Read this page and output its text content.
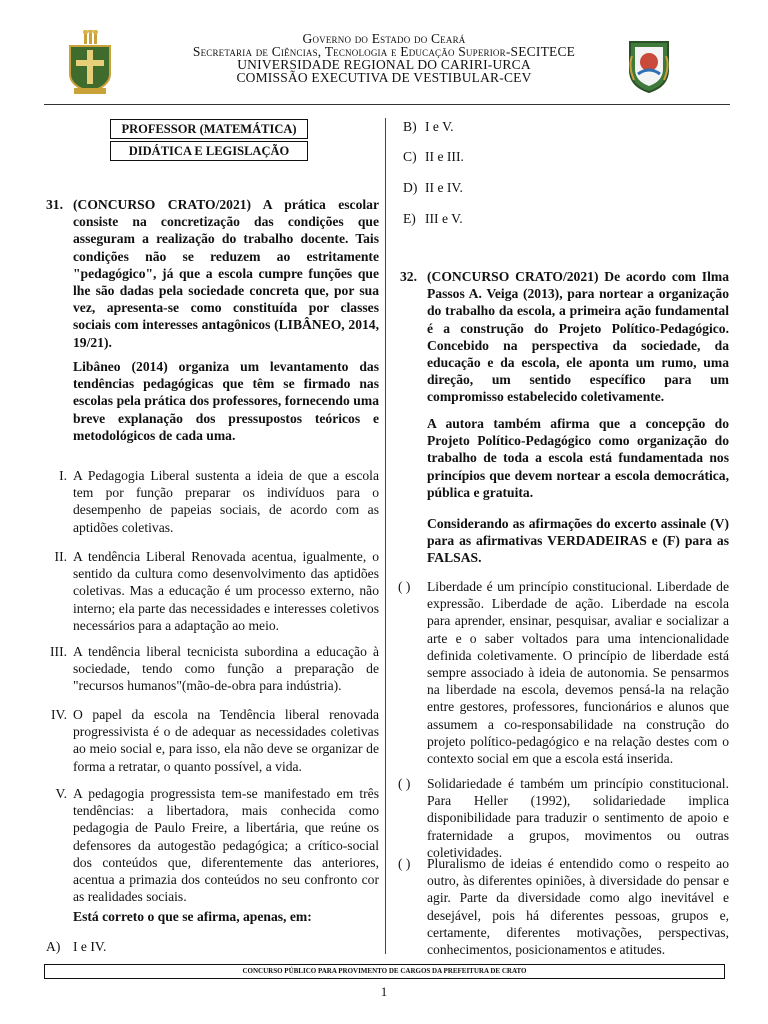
Governo do Estado do Ceará
Secretaria de Ciências, Tecnologia e Educação Superior-SECITECE
UNIVERSIDADE REGIONAL DO CARIRI-URCA
COMISSÃO EXECUTIVA DE VESTIBULAR-CEV
PROFESSOR (MATEMÁTICA)
DIDÁTICA E LEGISLAÇÃO
31. (CONCURSO CRATO/2021) A prática escolar consiste na concretização das condições que asseguram a realização do trabalho docente. Tais condições não se reduzem ao estritamente "pedagógico", já que a escola cumpre funções que lhe são dadas pela sociedade concreta que, por sua vez, apresenta-se como constituída por classes sociais com interesses antagônicos (LIBÂNEO, 2014, 19/21).
Libâneo (2014) organiza um levantamento das tendências pedagógicas que têm se firmado nas escolas pela prática dos professores, fornecendo uma breve explanação dos pressupostos teóricos e metodológicos de cada uma.
I. A Pedagogia Liberal sustenta a ideia de que a escola tem por função preparar os indivíduos para o desempenho de papeias sociais, de acordo com as aptidões coletivas.
II. A tendência Liberal Renovada acentua, igualmente, o sentido da cultura como desenvolvimento das aptidões coletivas. Mas a educação é um processo externo, não interno; ela parte das necessidades e interesses coletivos necessários para a adaptação ao meio.
III. A tendência liberal tecnicista subordina a educação à sociedade, tendo como função a preparação de "recursos humanos"(mão-de-obra para indústria).
IV. O papel da escola na Tendência liberal renovada progressivista é o de adequar as necessidades coletivas ao meio social e, para isso, ela não deve se organizar de forma a retratar, o quanto possível, a vida.
V. A pedagogia progressista tem-se manifestado em três tendências: a libertadora, mais conhecida como pedagogia de Paulo Freire, a libertária, que reúne os defensores da autogestão pedagógica; a crítico-social dos conteúdos que, diferentemente das anteriores, acentua a primazia dos conteúdos no seu confronto cor as realidades sociais.
Está correto o que se afirma, apenas, em:
A) I e IV.
B) I e V.
C) II e III.
D) II e IV.
E) III e V.
32. (CONCURSO CRATO/2021) De acordo com Ilma Passos A. Veiga (2013), para nortear a organização do trabalho da escola, a primeira ação fundamental é a construção do Projeto Político-Pedagógico. Concebido na perspectiva da sociedade, da educação e da escola, ele aponta um rumo, uma direção, um sentido específico para um compromisso estabelecido coletivamente.
A autora também afirma que a concepção do Projeto Político-Pedagógico como organização do trabalho de toda a escola está fundamentada nos princípios que devem nortear a escola democrática, pública e gratuita.
Considerando as afirmações do excerto assinale (V) para as afirmativas VERDADEIRAS e (F) para as FALSAS.
( ) Liberdade é um princípio constitucional. Liberdade de expressão. Liberdade de ação. Liberdade na escola para aprender, ensinar, pesquisar, avaliar e socializar a arte e o saber voltados para uma intencionalidade definida coletivamente. O princípio de liberdade está sempre associado à ideia de autonomia. Se pensarmos na liberdade na escola, devemos pensá-la na relação entre gestores, professores, funcionários e alunos que assumem a co-responsabilidade na construção do projeto político-pedagógico e na relação destes com o contexto social em que a escola está inserida.
( ) Solidariedade é também um princípio constitucional. Para Heller (1992), solidariedade implica disponibilidade para traduzir o sentimento de apoio e fraternidade a grupos, movimentos ou outras coletividades.
( ) Pluralismo de ideias é entendido como o respeito ao outro, às diferentes opiniões, à diversidade do pensar e agir. Parte da diversidade como algo inevitável e desejável, pois há diferentes pessoas, grupos e, certamente, diferentes motivações, perspectivas, conhecimentos, posicionamentos e atitudes.
CONCURSO PÚBLICO PARA PROVIMENTO DE CARGOS DA PREFEITURA DE CRATO
1
